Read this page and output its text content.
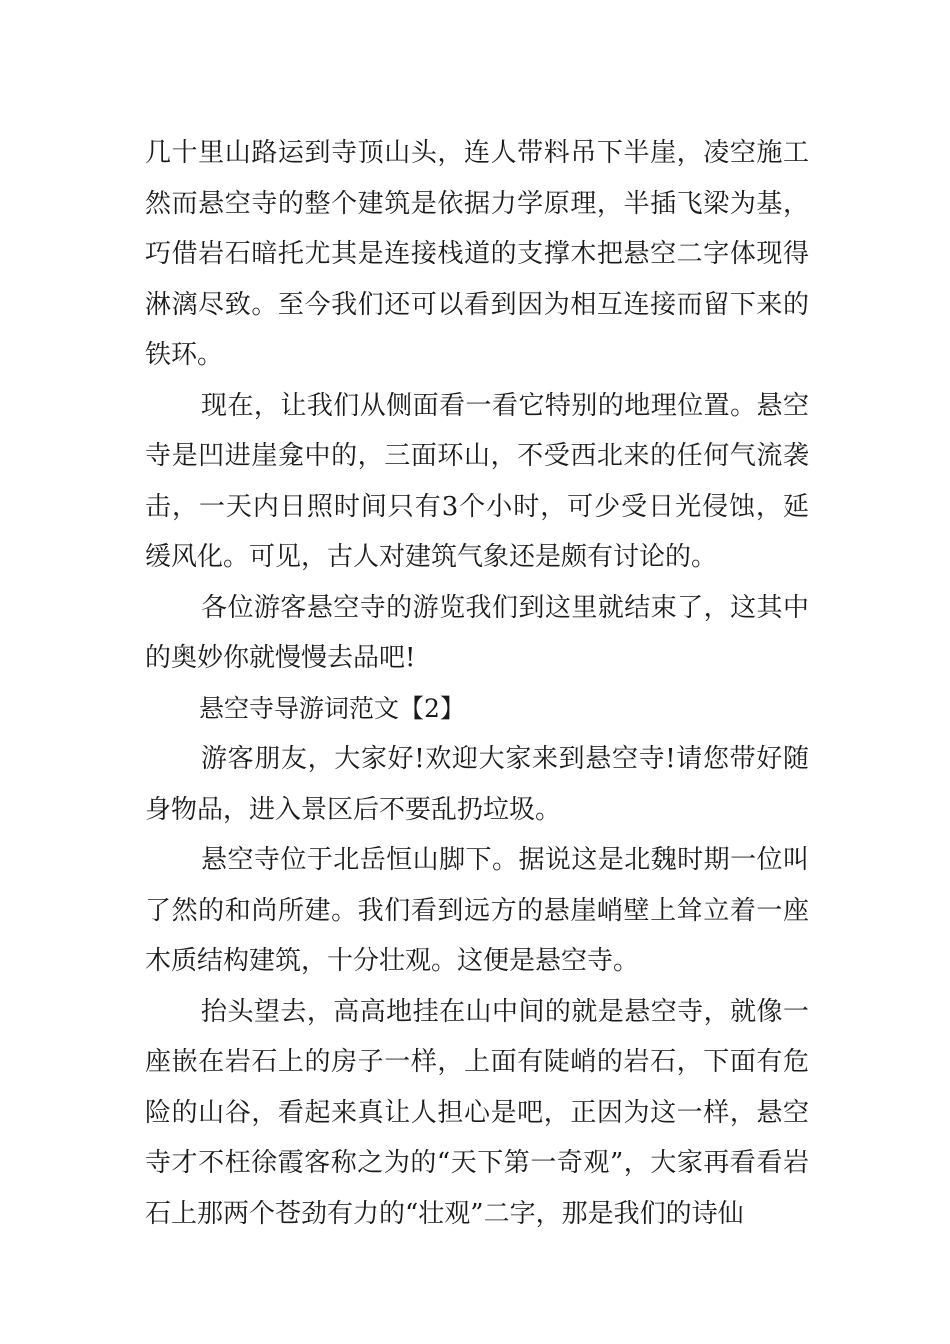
几十里山路运到寺顶山头，连人带料吊下半崖，凌空施工然而悬空寺的整个建筑是依据力学原理，半插飞梁为基，巧借岩石暗托尤其是连接栈道的支撑木把悬空二字体现得淋漓尽致。至今我们还可以看到因为相互连接而留下来的铁环。

现在，让我们从侧面看一看它特别的地理位置。悬空寺是凹进崖龛中的，三面环山，不受西北来的任何气流袭击，一天内日照时间只有3个小时，可少受日光侵蚀，延缓风化。可见，古人对建筑气象还是颇有讨论的。

各位游客悬空寺的游览我们到这里就结束了，这其中的奥妙你就慢慢去品吧!

悬空寺导游词范文【2】

游客朋友，大家好!欢迎大家来到悬空寺!请您带好随身物品，进入景区后不要乱扔垃圾。

悬空寺位于北岳恒山脚下。据说这是北魏时期一位叫了然的和尚所建。我们看到远方的悬崖峭壁上耸立着一座木质结构建筑，十分壮观。这便是悬空寺。

抬头望去，高高地挂在山中间的就是悬空寺，就像一座嵌在岩石上的房子一样，上面有陡峭的岩石，下面有危险的山谷，看起来真让人担心是吧，正因为这一样，悬空寺才不枉徐霞客称之为的“天下第一奇观”，大家再看看岩石上那两个苍劲有力的“壮观”二字，那是我们的诗仙
